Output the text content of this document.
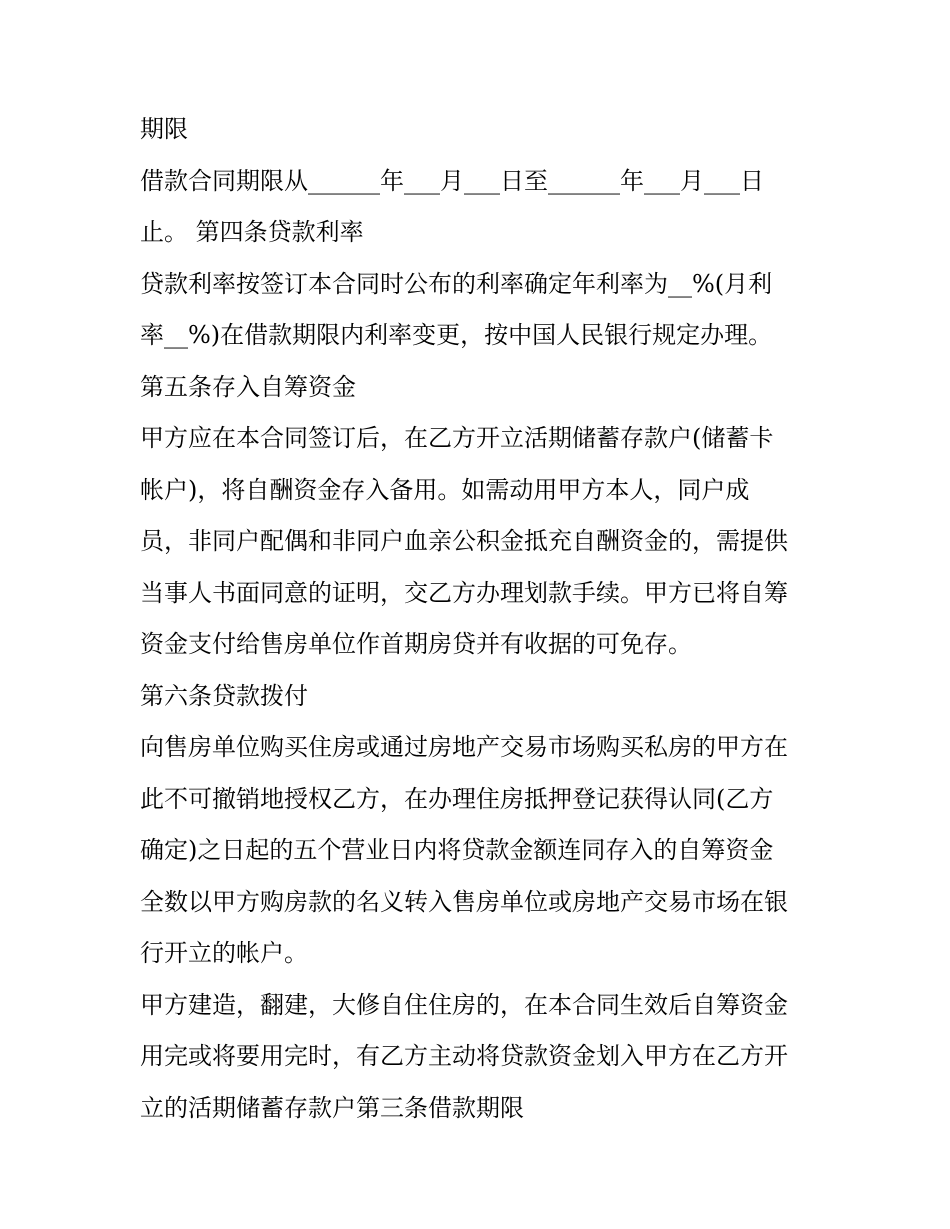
期限
借款合同期限从______年___月___日至______年___月___日
止。 第四条贷款利率
贷款利率按签订本合同时公布的利率确定年利率为__%(月利
率__%)在借款期限内利率变更，按中国人民银行规定办理。
第五条存入自筹资金
甲方应在本合同签订后，在乙方开立活期储蓄存款户(储蓄卡
帐户)，将自酬资金存入备用。如需动用甲方本人，同户成
员，非同户配偶和非同户血亲公积金抵充自酬资金的，需提供
当事人书面同意的证明，交乙方办理划款手续。甲方已将自筹
资金支付给售房单位作首期房贷并有收据的可免存。
第六条贷款拨付
向售房单位购买住房或通过房地产交易市场购买私房的甲方在
此不可撤销地授权乙方，在办理住房抵押登记获得认同(乙方
确定)之日起的五个营业日内将贷款金额连同存入的自筹资金
全数以甲方购房款的名义转入售房单位或房地产交易市场在银
行开立的帐户。
甲方建造，翻建，大修自住住房的，在本合同生效后自筹资金
用完或将要用完时，有乙方主动将贷款资金划入甲方在乙方开
立的活期储蓄存款户第三条借款期限
